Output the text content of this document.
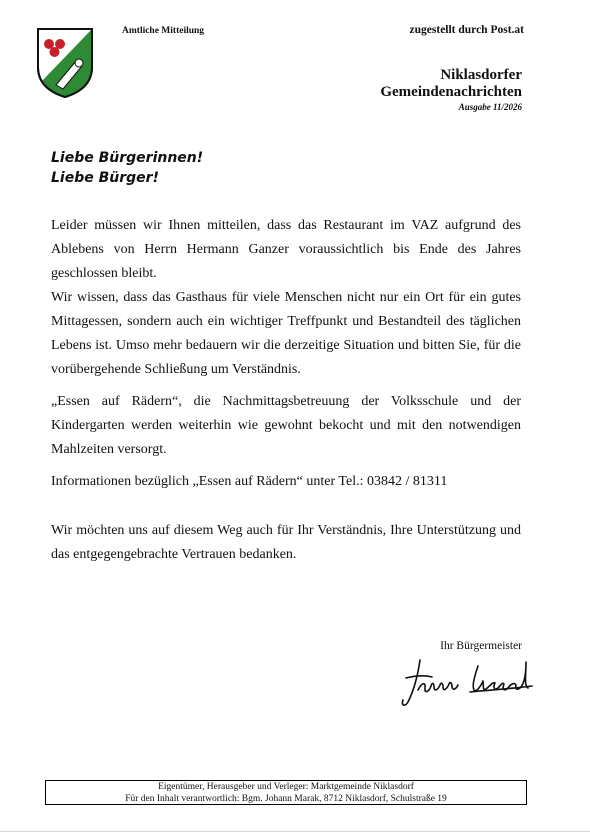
Amtliche Mitteilung	zugestellt durch Post.at
Niklasdorfer
Gemeindenachrichten
Ausgabe 11/2026
Liebe Bürgerinnen!
Liebe Bürger!

Leider müssen wir Ihnen mitteilen, dass das Restaurant im VAZ aufgrund des Ablebens von Herrn Hermann Ganzer voraussichtlich bis Ende des Jahres geschlossen bleibt.

Wir wissen, dass das Gasthaus für viele Menschen nicht nur ein Ort für ein gutes Mittagessen, sondern auch ein wichtiger Treffpunkt und Bestandteil des täglichen Lebens ist. Umso mehr bedauern wir die derzeitige Situation und bitten Sie, für die vorübergehende Schließung um Verständnis.

„Essen auf Rädern“, die Nachmittagsbetreuung der Volksschule und der Kindergarten werden weiterhin wie gewohnt bekocht und mit den notwendigen Mahlzeiten versorgt.

Informationen bezüglich „Essen auf Rädern“ unter Tel.: 03842 / 81311

Wir möchten uns auf diesem Weg auch für Ihr Verständnis, Ihre Unterstützung und das entgegengebrachte Vertrauen bedanken.

Ihr Bürgermeister
Eigentümer, Herausgeber und Verleger: Marktgemeinde Niklasdorf
Für den Inhalt verantwortlich: Bgm. Johann Marak, 8712 Niklasdorf, Schulstraße 19
